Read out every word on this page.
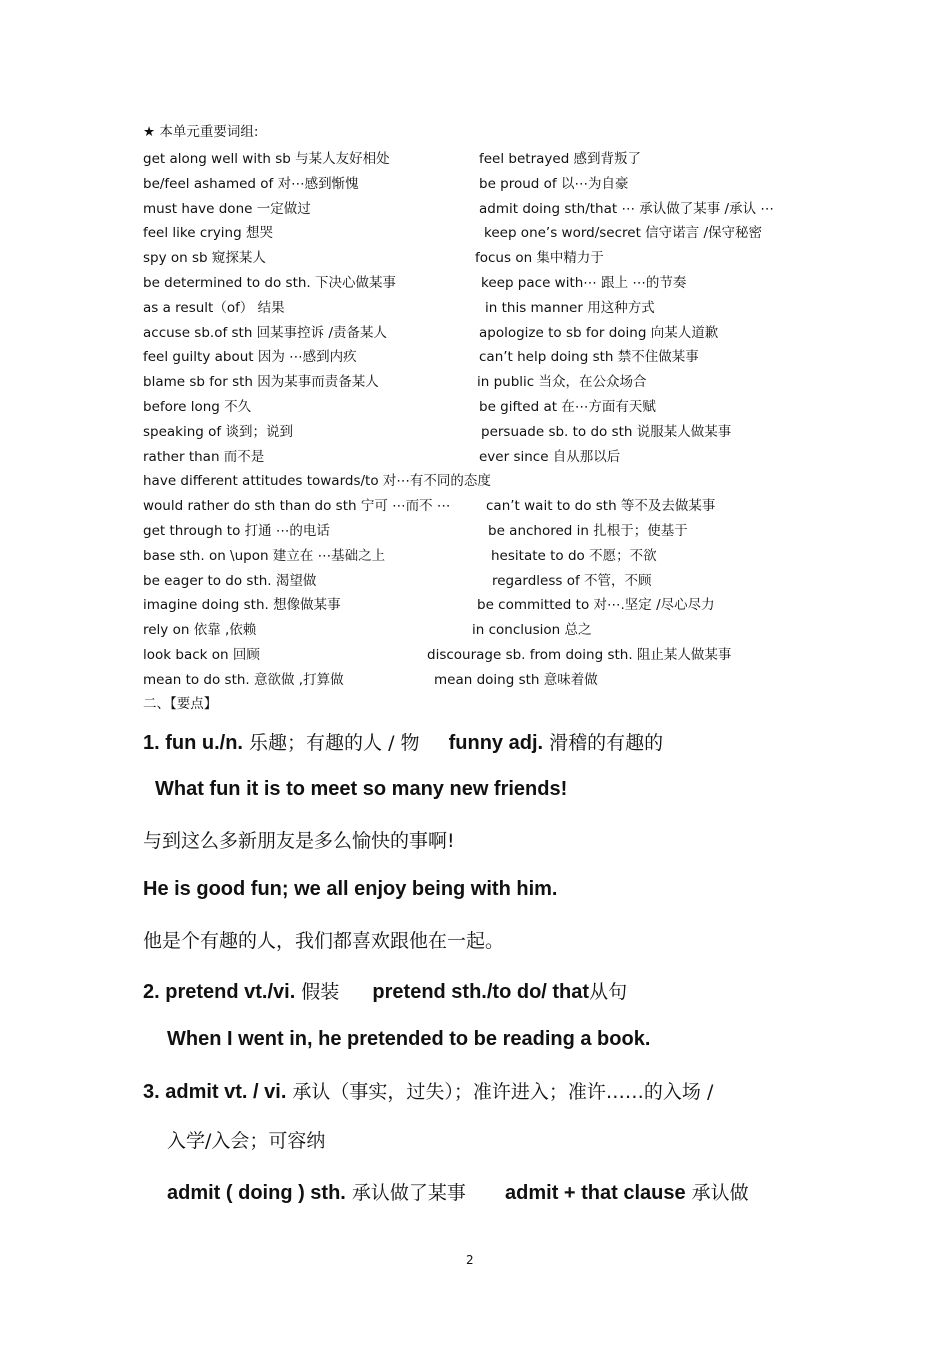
★ 本单元重要词组:
get along well with sb 与某人友好相处	feel betrayed 感到背叛了
be/feel ashamed of 对⋯感到惭愧	be proud of 以⋯为自豪
must have done 一定做过	admit doing sth/that ⋯ 承认做了某事 /承认 ⋯
feel like crying 想哭	keep one’s word/secret 信守诺言 /保守秘密
spy on sb 窥探某人	focus on 集中精力于
be determined to do sth. 下决心做某事	keep pace with⋯ 跟上 ⋯的节奏
as a result（of） 结果	in this manner 用这种方式
accuse sb.of sth 回某事控诉 /责备某人	apologize to sb for doing 向某人道歉
feel guilty about 因为 ⋯感到内疚	can’t help doing sth 禁不住做某事
blame sb for sth 因为某事而责备某人	in public 当众，在公众场合
before long 不久	be gifted at 在⋯方面有天赋
speaking of 谈到；说到	persuade sb. to do sth 说服某人做某事
rather than 而不是	ever since 自从那以后
have different attitudes towards/to 对⋯有不同的态度
would rather do sth than do sth 宁可 ⋯而不 ⋯	can’t wait to do sth 等不及去做某事
get through to 打通 ⋯的电话	be anchored in 扎根于；使基于
base sth. on \upon 建立在 ⋯基础之上	hesitate to do 不愿；不欲
be eager to do sth. 渴望做	regardless of 不管，不顾
imagine doing sth. 想像做某事	be committed to 对⋯.坚定 /尽心尽力
rely on 依靠 ,依赖	in conclusion 总之
look back on 回顾	discourage sb. from doing sth. 阻止某人做某事
mean to do sth. 意欲做 ,打算做	mean doing sth 意味着做
二、【要点】
1. fun u./n. 乐趣；有趣的人 / 物 funny adj. 滑稽的有趣的
What fun it is to meet so many new friends!
与到这么多新朋友是多么愉快的事啊!
He is good fun; we all enjoy being with him.
他是个有趣的人，我们都喜欢跟他在一起。
2. pretend vt./vi. 假装 pretend sth./to do/ that从句
When I went in, he pretended to be reading a book.
3. admit vt. / vi. 承认（事实，过失）；准许进入；准许……的入场 /
入学/入会；可容纳
admit ( doing ) sth. 承认做了某事 admit + that clause 承认做
2
